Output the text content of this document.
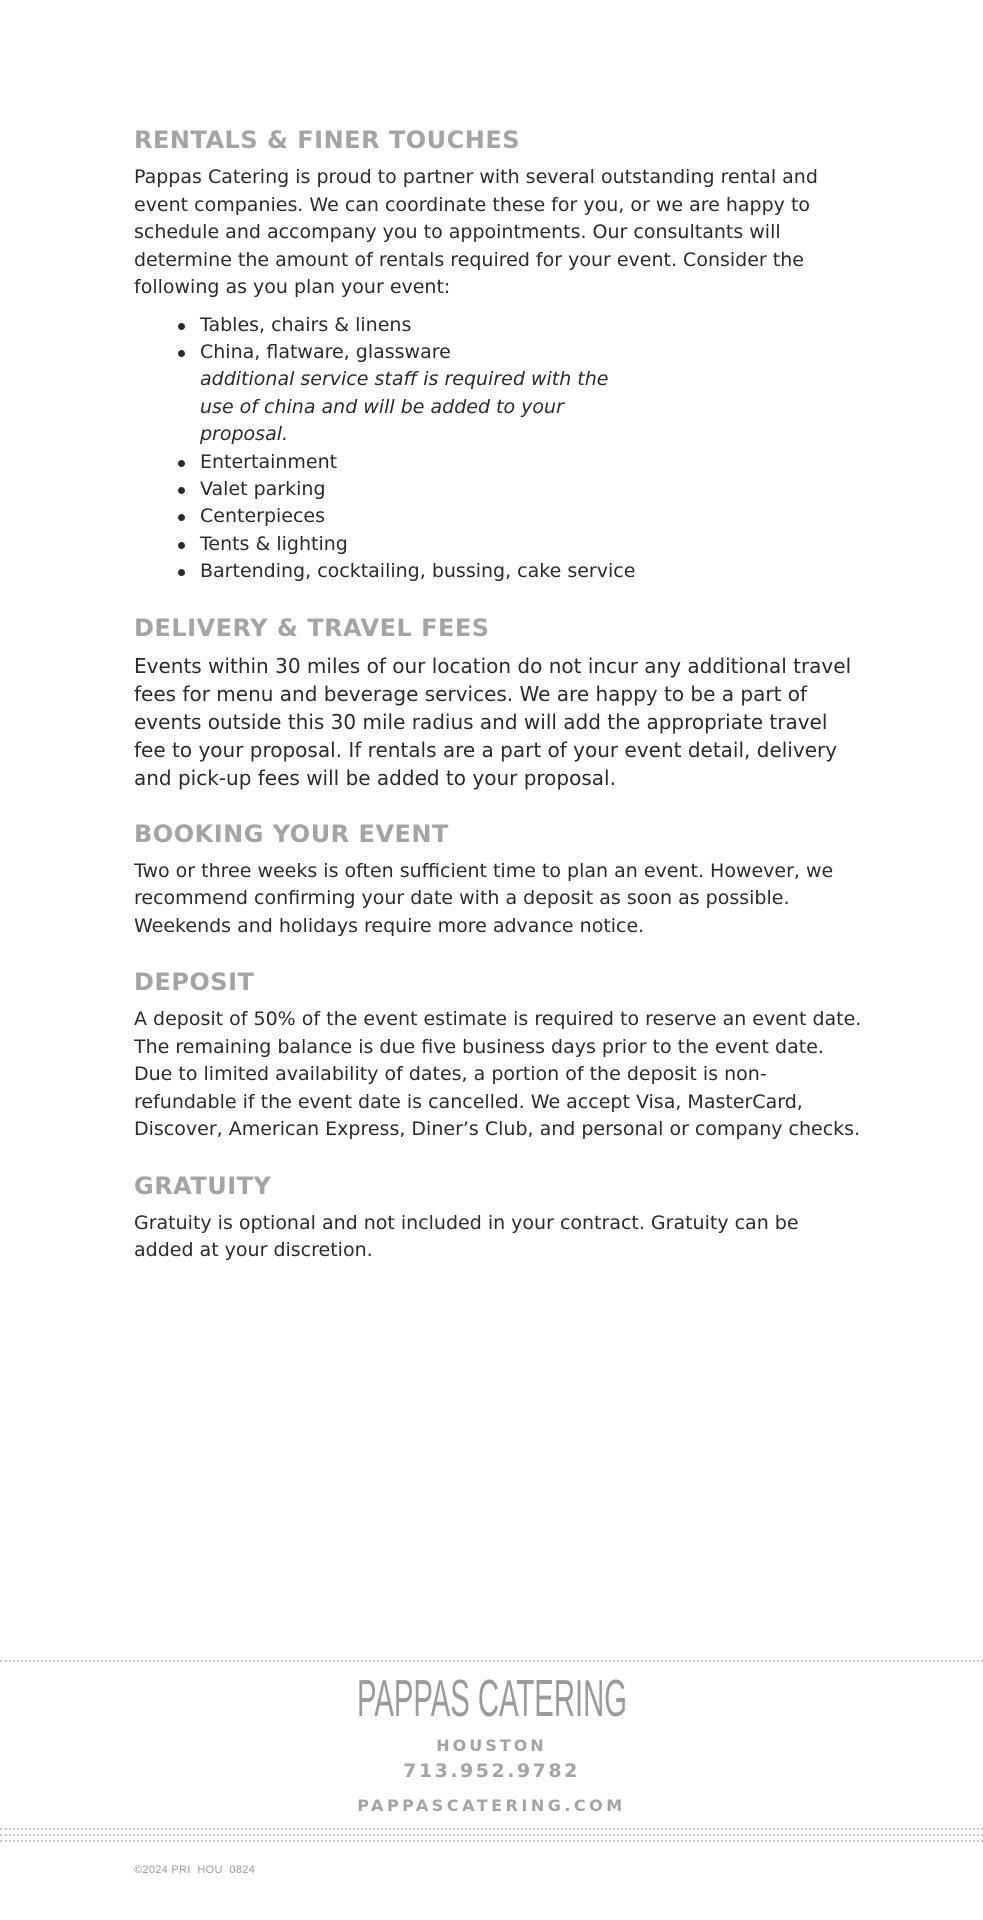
RENTALS & FINER TOUCHES

Pappas Catering is proud to partner with several outstanding rental and event companies. We can coordinate these for you, or we are happy to schedule and accompany you to appointments. Our consultants will determine the amount of rentals required for your event. Consider the following as you plan your event:

Tables, chairs & linens
China, flatware, glassware
additional service staff is required with the use of china and will be added to your proposal.
Entertainment
Valet parking
Centerpieces
Tents & lighting
Bartending, cocktailing, bussing, cake service
DELIVERY & TRAVEL FEES

Events within 30 miles of our location do not incur any additional travel fees for menu and beverage services. We are happy to be a part of events outside this 30 mile radius and will add the appropriate travel fee to your proposal. If rentals are a part of your event detail, delivery and pick-up fees will be added to your proposal.

BOOKING YOUR EVENT

Two or three weeks is often sufficient time to plan an event. However, we recommend confirming your date with a deposit as soon as possible. Weekends and holidays require more advance notice.

DEPOSIT

A deposit of 50% of the event estimate is required to reserve an event date. The remaining balance is due five business days prior to the event date. Due to limited availability of dates, a portion of the deposit is non-refundable if the event date is cancelled. We accept Visa, MasterCard, Discover, American Express, Diner’s Club, and personal or company checks.

GRATUITY

Gratuity is optional and not included in your contract. Gratuity can be added at your discretion.

PAPPAS CATERING
HOUSTON
713.952.9782
PAPPASCATERING.COM
©2024 PRI  HOU  0824
